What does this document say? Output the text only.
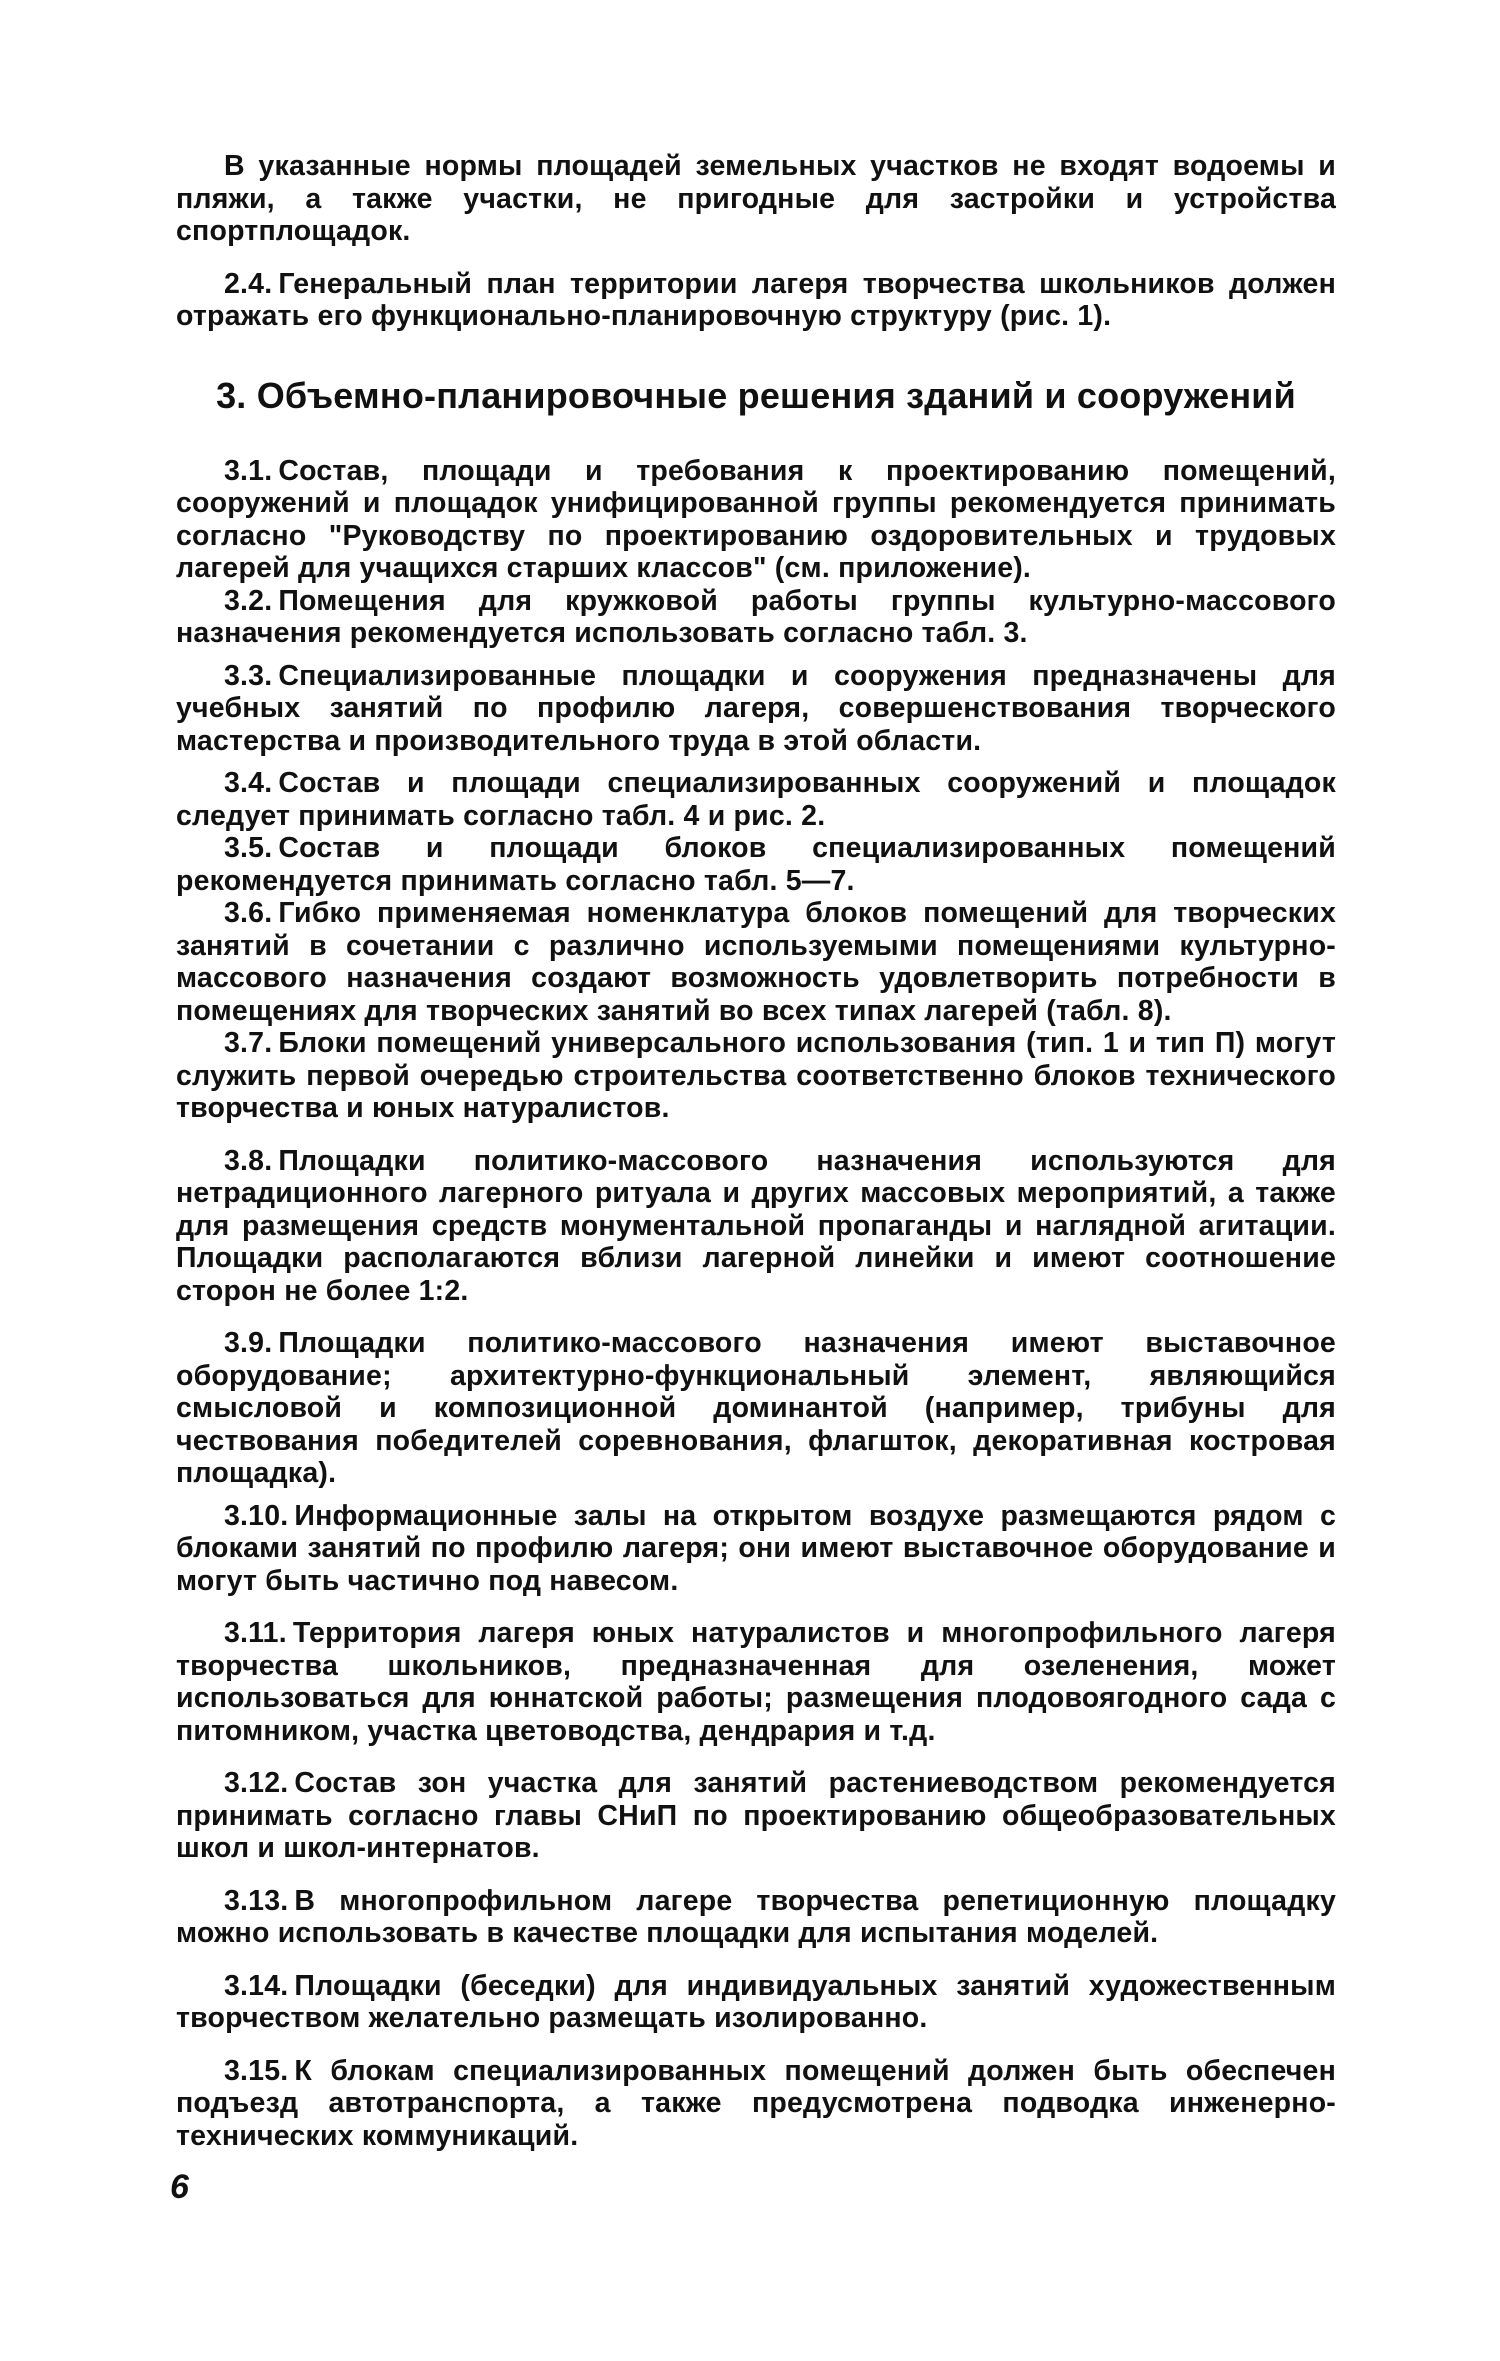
В указанные нормы площадей земельных участков не входят водоемы и пляжи, а также участки, не пригодные для застройки и устройства спортплощадок.

2.4. Генеральный план территории лагеря творчества школьников должен отражать его функционально-планировочную структуру (рис. 1).

3. Объемно-планировочные решения зданий и сооружений

3.1. Состав, площади и требования к проектированию помещений, сооружений и площадок унифицированной группы рекомендуется принимать согласно "Руководству по проектированию оздоровительных и трудовых лагерей для учащихся старших классов" (см. приложение).

3.2. Помещения для кружковой работы группы культурно-массового назначения рекомендуется использовать согласно табл. 3.

3.3. Специализированные площадки и сооружения предназначены для учебных занятий по профилю лагеря, совершенствования творческого мастерства и производительного труда в этой области.

3.4. Состав и площади специализированных сооружений и площадок следует принимать согласно табл. 4 и рис. 2.

3.5. Состав и площади блоков специализированных помещений рекомендуется принимать согласно табл. 5—7.

3.6. Гибко применяемая номенклатура блоков помещений для творческих занятий в сочетании с различно используемыми помещениями культурно-массового назначения создают возможность удовлетворить потребности в помещениях для творческих занятий во всех типах лагерей (табл. 8).

3.7. Блоки помещений универсального использования (тип. 1 и тип П) могут служить первой очередью строительства соответственно блоков технического творчества и юных натуралистов.

3.8. Площадки политико-массового назначения используются для нетрадиционного лагерного ритуала и других массовых мероприятий, а также для размещения средств монументальной пропаганды и наглядной агитации. Площадки располагаются вблизи лагерной линейки и имеют соотношение сторон не более 1:2.

3.9. Площадки политико-массового назначения имеют выставочное оборудование; архитектурно-функциональный элемент, являющийся смысловой и композиционной доминантой (например, трибуны для чествования победителей соревнования, флагшток, декоративная костровая площадка).

3.10. Информационные залы на открытом воздухе размещаются рядом с блоками занятий по профилю лагеря; они имеют выставочное оборудование и могут быть частично под навесом.

3.11. Территория лагеря юных натуралистов и многопрофильного лагеря творчества школьников, предназначенная для озеленения, может использоваться для юннатской работы; размещения плодовоягодного сада с питомником, участка цветоводства, дендрария и т.д.

3.12. Состав зон участка для занятий растениеводством рекомендуется принимать согласно главы СНиП по проектированию общеобразовательных школ и школ-интернатов.

3.13. В многопрофильном лагере творчества репетиционную площадку можно использовать в качестве площадки для испытания моделей.

3.14. Площадки (беседки) для индивидуальных занятий художественным творчеством желательно размещать изолированно.

3.15. К блокам специализированных помещений должен быть обеспечен подъезд автотранспорта, а также предусмотрена подводка инженерно-технических коммуникаций.

6
